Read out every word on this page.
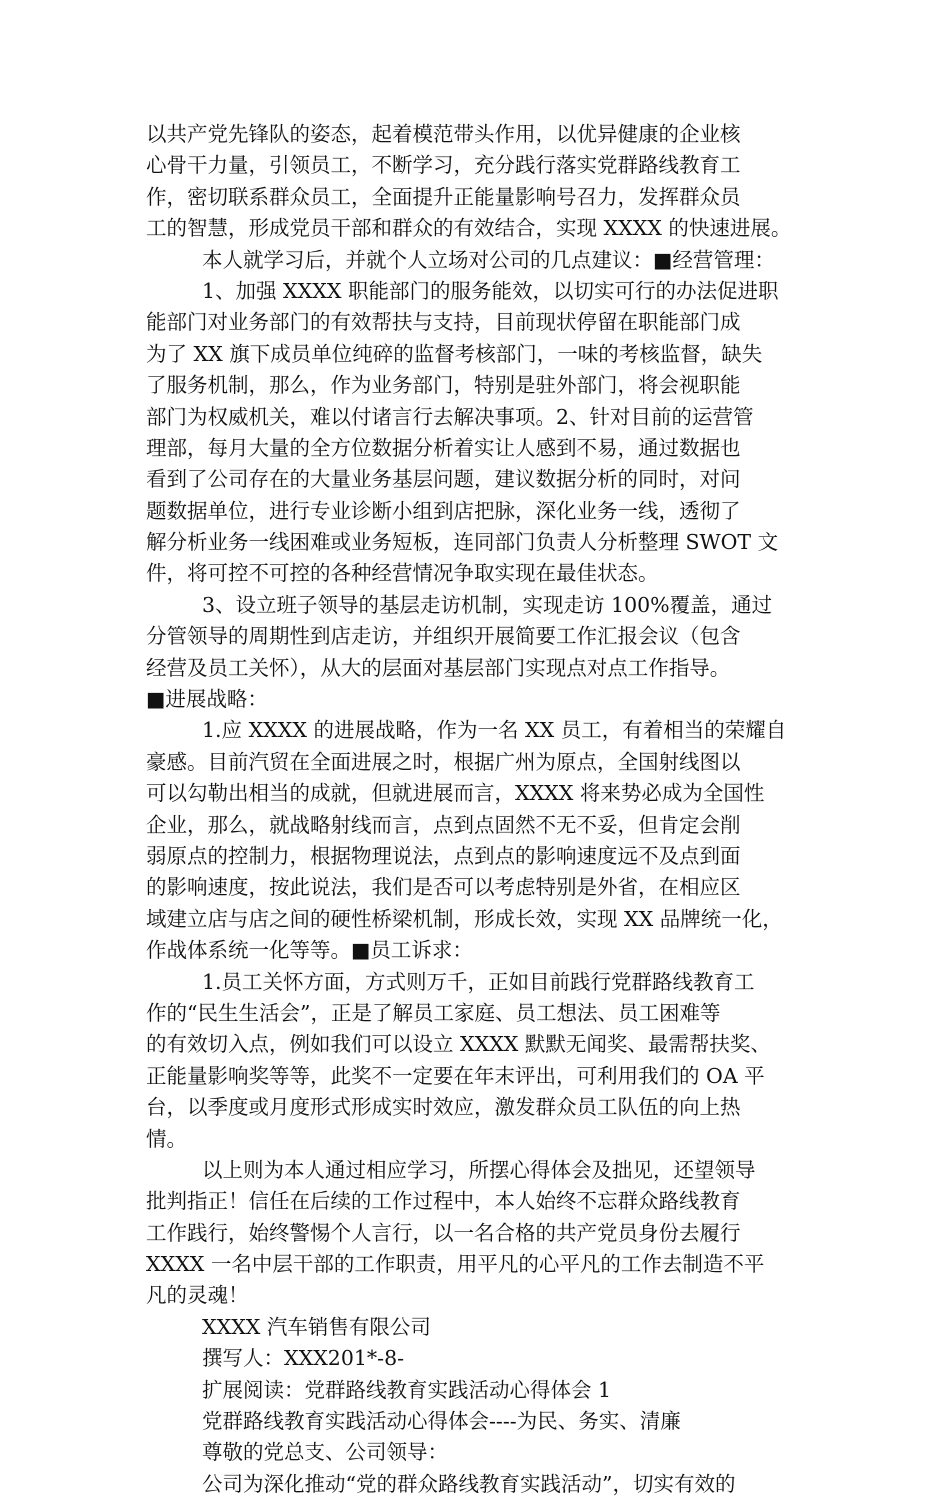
以共产党先锋队的姿态，起着模范带头作用，以优异健康的企业核
心骨干力量，引领员工，不断学习，充分践行落实党群路线教育工
作，密切联系群众员工，全面提升正能量影响号召力，发挥群众员
工的智慧，形成党员干部和群众的有效结合，实现 XXXX 的快速进展。
本人就学习后，并就个人立场对公司的几点建议：■经营管理：
1、加强 XXXX 职能部门的服务能效，以切实可行的办法促进职
能部门对业务部门的有效帮扶与支持，目前现状停留在职能部门成
为了 XX 旗下成员单位纯碎的监督考核部门，一味的考核监督，缺失
了服务机制，那么，作为业务部门，特别是驻外部门，将会视职能
部门为权威机关，难以付诸言行去解决事项。2、针对目前的运营管
理部，每月大量的全方位数据分析着实让人感到不易，通过数据也
看到了公司存在的大量业务基层问题，建议数据分析的同时，对问
题数据单位，进行专业诊断小组到店把脉，深化业务一线，透彻了
解分析业务一线困难或业务短板，连同部门负责人分析整理 SWOT 文
件，将可控不可控的各种经营情况争取实现在最佳状态。
3、设立班子领导的基层走访机制，实现走访 100%覆盖，通过
分管领导的周期性到店走访，并组织开展简要工作汇报会议（包含
经营及员工关怀），从大的层面对基层部门实现点对点工作指导。
■进展战略：
1.应 XXXX 的进展战略，作为一名 XX 员工，有着相当的荣耀自
豪感。目前汽贸在全面进展之时，根据广州为原点，全国射线图以
可以勾勒出相当的成就，但就进展而言，XXXX 将来势必成为全国性
企业，那么，就战略射线而言，点到点固然不无不妥，但肯定会削
弱原点的控制力，根据物理说法，点到点的影响速度远不及点到面
的影响速度，按此说法，我们是否可以考虑特别是外省，在相应区
域建立店与店之间的硬性桥梁机制，形成长效，实现 XX 品牌统一化，
作战体系统一化等等。■员工诉求：
1.员工关怀方面，方式则万千，正如目前践行党群路线教育工
作的“民生生活会”，正是了解员工家庭、员工想法、员工困难等
的有效切入点，例如我们可以设立 XXXX 默默无闻奖、最需帮扶奖、
正能量影响奖等等，此奖不一定要在年末评出，可利用我们的 OA 平
台，以季度或月度形式形成实时效应，激发群众员工队伍的向上热
情。
以上则为本人通过相应学习，所摆心得体会及拙见，还望领导
批判指正！信任在后续的工作过程中，本人始终不忘群众路线教育
工作践行，始终警惕个人言行，以一名合格的共产党员身份去履行
XXXX 一名中层干部的工作职责，用平凡的心平凡的工作去制造不平
凡的灵魂！
XXXX 汽车销售有限公司
撰写人：XXX201*-8-
扩展阅读：党群路线教育实践活动心得体会 1
党群路线教育实践活动心得体会----为民、务实、清廉
尊敬的党总支、公司领导：
公司为深化推动“党的群众路线教育实践活动”，切实有效的
